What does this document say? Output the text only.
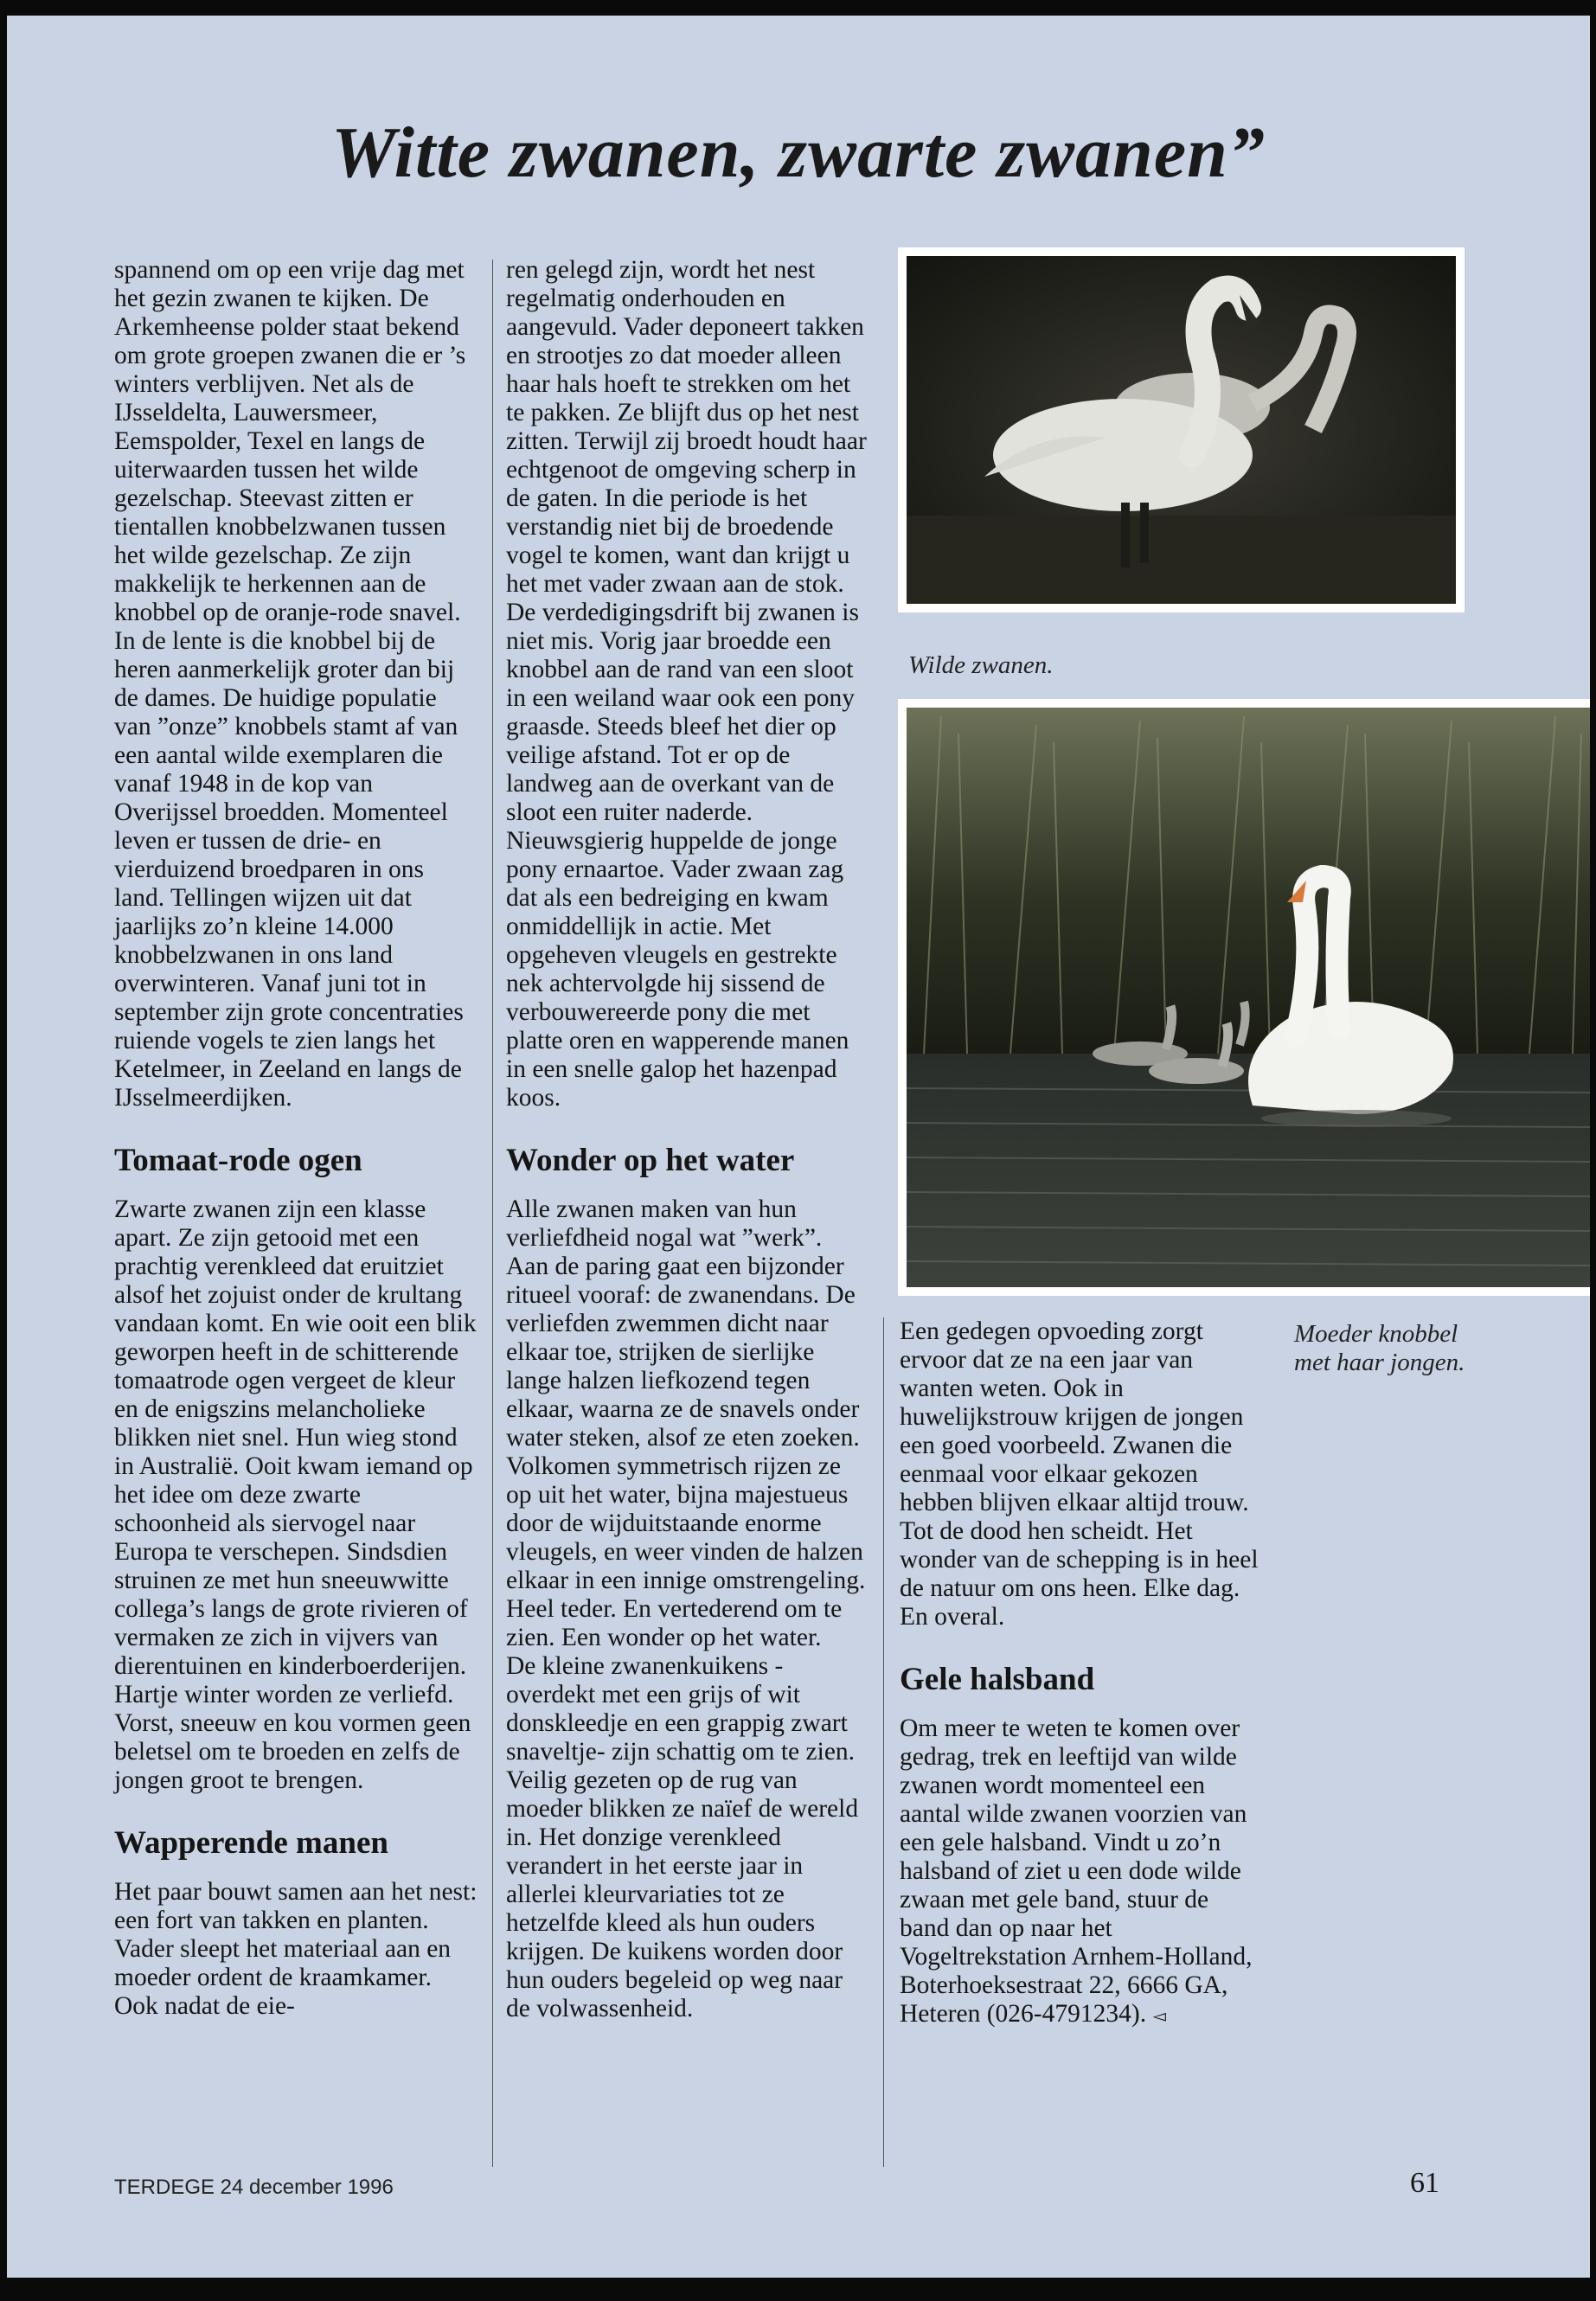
Witte zwanen, zwarte zwanen”

spannend om op een vrije dag met het gezin zwanen te kijken. De Arkemheense polder staat bekend om grote groepen zwanen die er ’s winters verblijven. Net als de IJsseldelta, Lauwersmeer, Eemspolder, Texel en langs de uiterwaarden tussen het wilde gezelschap. Steevast zitten er tientallen knobbelzwanen tussen het wilde gezelschap. Ze zijn makkelijk te herkennen aan de knobbel op de oranje-rode snavel. In de lente is die knobbel bij de heren aanmerkelijk groter dan bij de dames. De huidige populatie van ”onze” knobbels stamt af van een aantal wilde exemplaren die vanaf 1948 in de kop van Overijssel broedden. Momenteel leven er tussen de drie- en vierduizend broedparen in ons land. Tellingen wijzen uit dat jaarlijks zo’n kleine 14.000 knobbelzwanen in ons land overwinteren. Vanaf juni tot in september zijn grote concentraties ruiende vogels te zien langs het Ketelmeer, in Zeeland en langs de IJsselmeerdijken.

Tomaat-rode ogen

Zwarte zwanen zijn een klasse apart. Ze zijn getooid met een prachtig verenkleed dat eruitziet alsof het zojuist onder de krultang vandaan komt. En wie ooit een blik geworpen heeft in de schitterende tomaatrode ogen vergeet de kleur en de enigszins melancholieke blikken niet snel. Hun wieg stond in Australië. Ooit kwam iemand op het idee om deze zwarte schoonheid als siervogel naar Europa te verschepen. Sindsdien struinen ze met hun sneeuwwitte collega’s langs de grote rivieren of vermaken ze zich in vijvers van dierentuinen en kinderboerderijen. Hartje winter worden ze verliefd. Vorst, sneeuw en kou vormen geen beletsel om te broeden en zelfs de jongen groot te brengen.

Wapperende manen

Het paar bouwt samen aan het nest: een fort van takken en planten. Vader sleept het materiaal aan en moeder ordent de kraamkamer. Ook nadat de eie-

ren gelegd zijn, wordt het nest regelmatig onderhouden en aangevuld. Vader deponeert takken en strootjes zo dat moeder alleen haar hals hoeft te strekken om het te pakken. Ze blijft dus op het nest zitten. Terwijl zij broedt houdt haar echtgenoot de omgeving scherp in de gaten. In die periode is het verstandig niet bij de broedende vogel te komen, want dan krijgt u het met vader zwaan aan de stok. De verdedigingsdrift bij zwanen is niet mis. Vorig jaar broedde een knobbel aan de rand van een sloot in een weiland waar ook een pony graasde. Steeds bleef het dier op veilige afstand. Tot er op de landweg aan de overkant van de sloot een ruiter naderde. Nieuwsgierig huppelde de jonge pony ernaartoe. Vader zwaan zag dat als een bedreiging en kwam onmiddellijk in actie. Met opgeheven vleugels en gestrekte nek achtervolgde hij sissend de verbouwereerde pony die met platte oren en wapperende manen in een snelle galop het hazenpad koos.

Wonder op het water

Alle zwanen maken van hun verliefdheid nogal wat ”werk”. Aan de paring gaat een bijzonder ritueel vooraf: de zwanendans. De verliefden zwemmen dicht naar elkaar toe, strijken de sierlijke lange halzen liefkozend tegen elkaar, waarna ze de snavels onder water steken, alsof ze eten zoeken. Volkomen symmetrisch rijzen ze op uit het water, bijna majestueus door de wijduitstaande enorme vleugels, en weer vinden de halzen elkaar in een innige omstrengeling. Heel teder. En vertederend om te zien. Een wonder op het water.

De kleine zwanenkuikens -overdekt met een grijs of wit donskleedje en een grappig zwart snaveltje- zijn schattig om te zien. Veilig gezeten op de rug van moeder blikken ze naïef de wereld in. Het donzige verenkleed verandert in het eerste jaar in allerlei kleurvariaties tot ze hetzelfde kleed als hun ouders krijgen. De kuikens worden door hun ouders begeleid op weg naar de volwassenheid.

Wilde zwanen.
Moeder knobbel met haar jongen.

Een gedegen opvoeding zorgt ervoor dat ze na een jaar van wanten weten. Ook in huwelijkstrouw krijgen de jongen een goed voorbeeld. Zwanen die eenmaal voor elkaar gekozen hebben blijven elkaar altijd trouw. Tot de dood hen scheidt. Het wonder van de schepping is in heel de natuur om ons heen. Elke dag. En overal.

Gele halsband

Om meer te weten te komen over gedrag, trek en leeftijd van wilde zwanen wordt momenteel een aantal wilde zwanen voorzien van een gele halsband. Vindt u zo’n halsband of ziet u een dode wilde zwaan met gele band, stuur de band dan op naar het Vogeltrekstation Arnhem-Holland, Boterhoeksestraat 22, 6666 GA, Heteren (026-4791234). ◅

TERDEGE 24 december 1996	61
